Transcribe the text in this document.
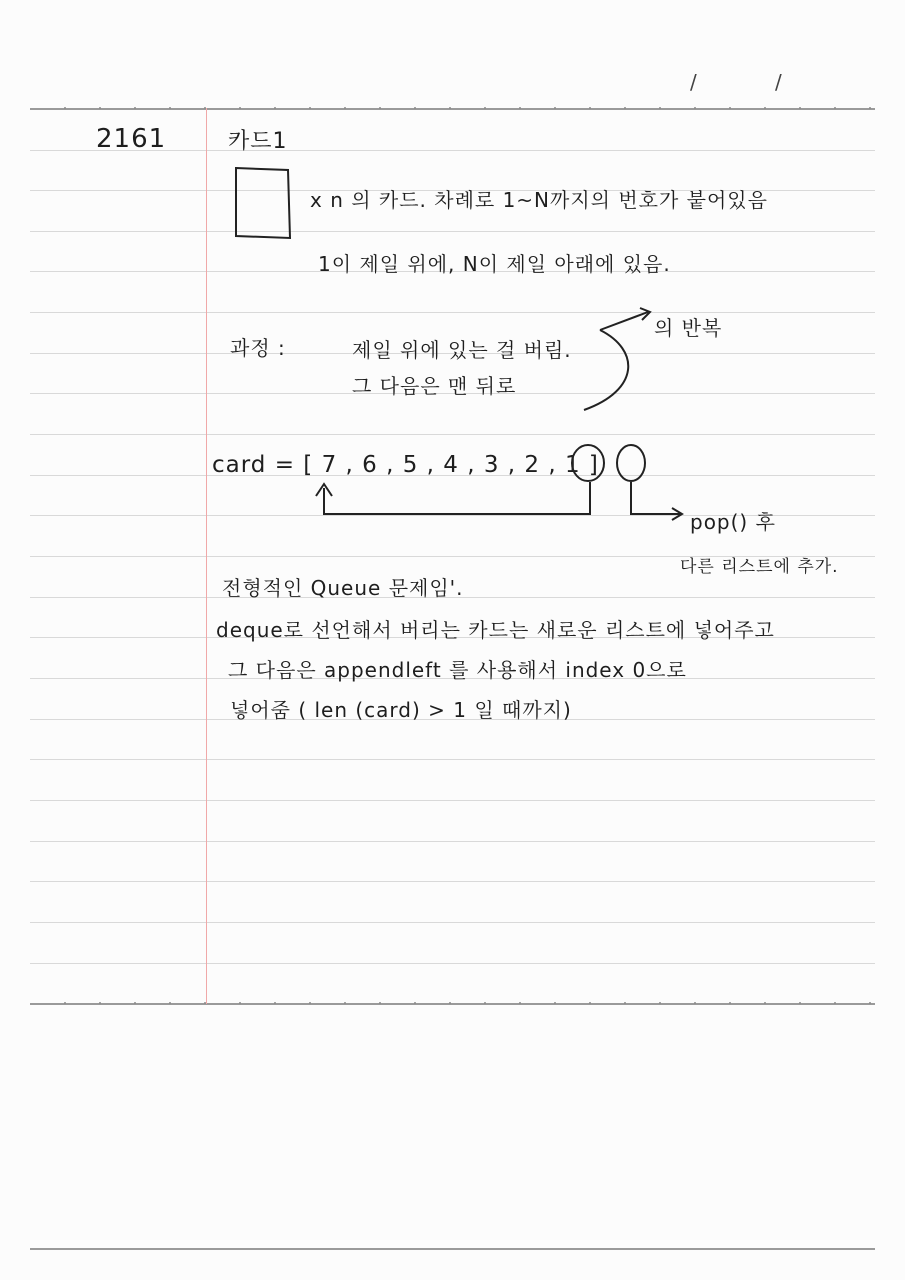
/	/
2161	카드1
x n 의 카드. 차례로 1~N까지의 번호가 붙어있음
1이 제일 위에, N이 제일 아래에 있음.
과정 :	제일 위에 있는 걸 버림.
그 다음은 맨 뒤로
의 반복
card = [ 7 , 6 , 5 , 4 , 3 , 2 , 1 ]
pop() 후
다른 리스트에 추가.
전형적인 Queue 문제임'.
deque로 선언해서 버리는 카드는 새로운 리스트에 넣어주고
그 다음은 appendleft 를 사용해서 index 0으로
넣어줌 ( len (card) > 1 일 때까지)
